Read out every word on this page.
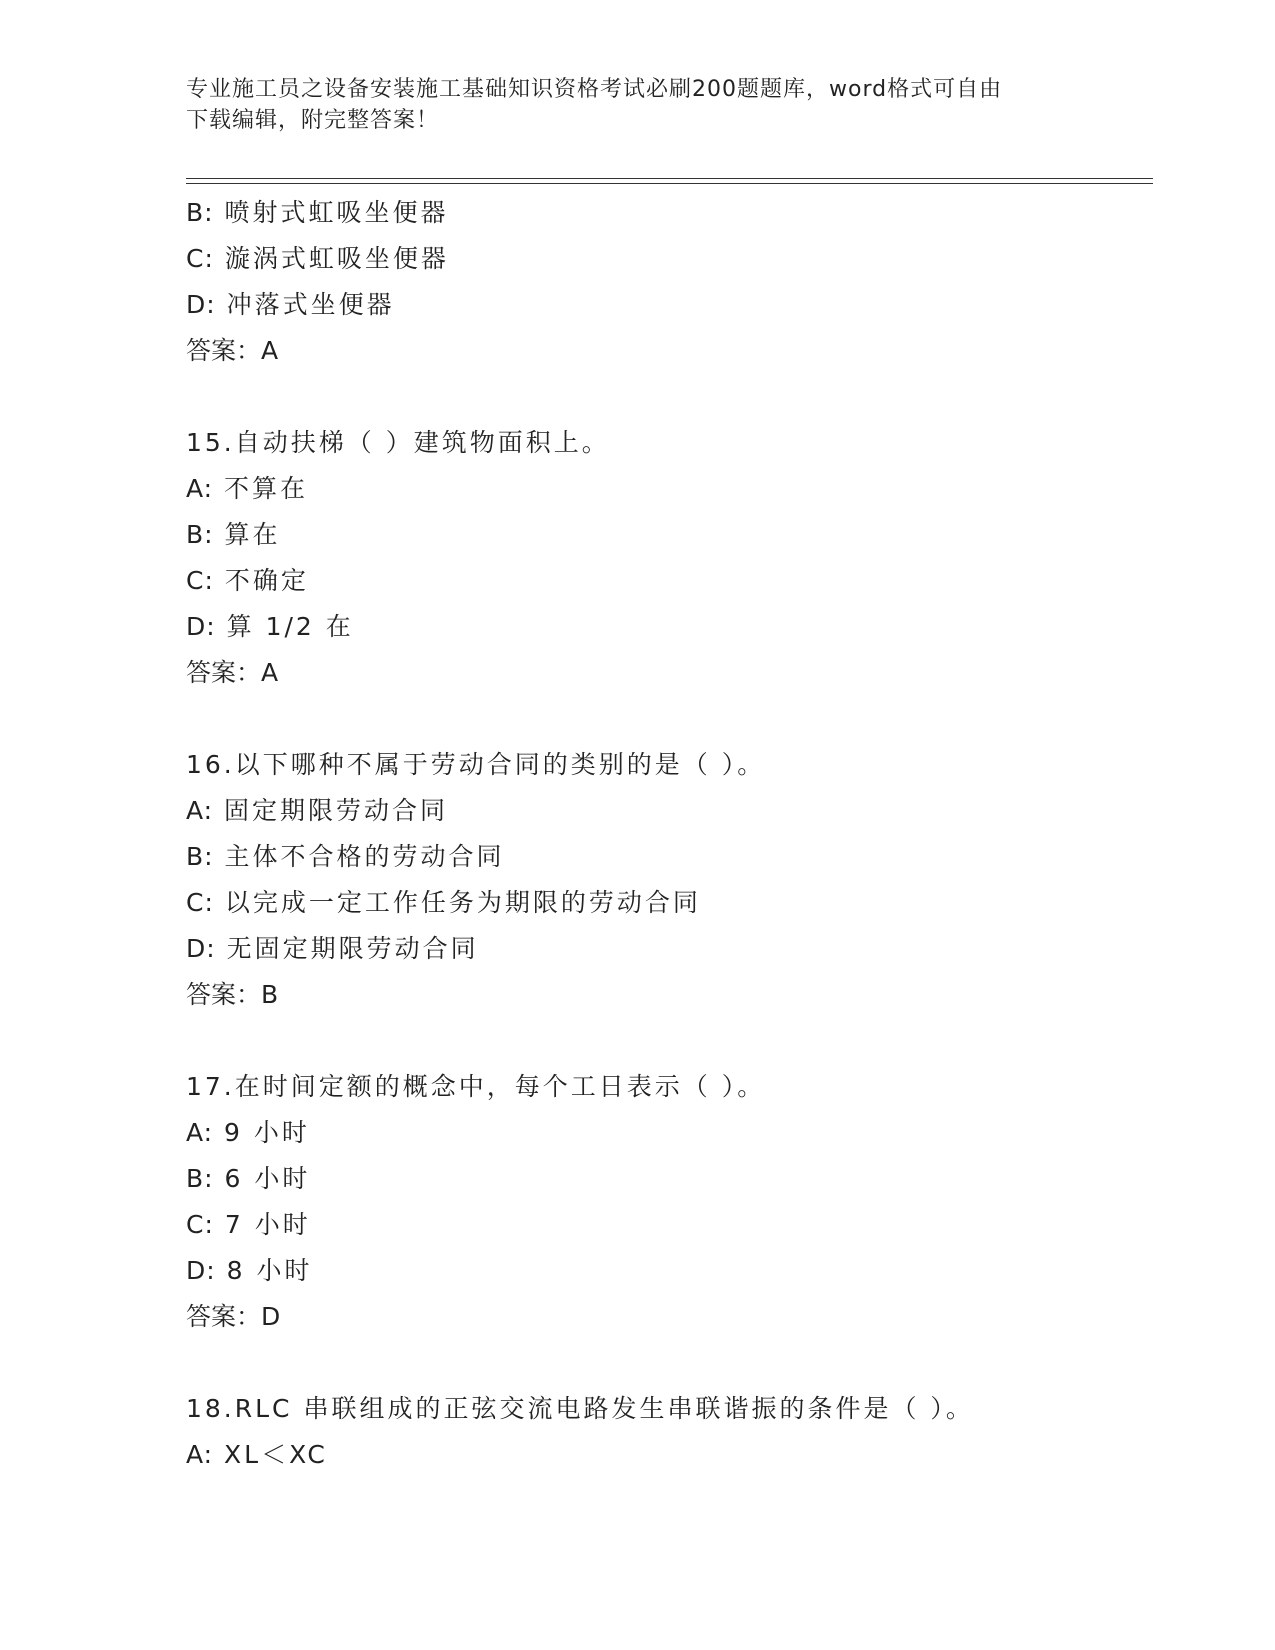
专业施工员之设备安装施工基础知识资格考试必刷200题题库，word格式可自由
下载编辑，附完整答案！
B: 喷射式虹吸坐便器
C: 漩涡式虹吸坐便器
D: 冲落式坐便器
答案：A
15.自动扶梯（ ）建筑物面积上。
A: 不算在
B: 算在
C: 不确定
D: 算 1/2 在
答案：A
16.以下哪种不属于劳动合同的类别的是（ ）。
A: 固定期限劳动合同
B: 主体不合格的劳动合同
C: 以完成一定工作任务为期限的劳动合同
D: 无固定期限劳动合同
答案：B
17.在时间定额的概念中，每个工日表示（ ）。
A: 9 小时
B: 6 小时
C: 7 小时
D: 8 小时
答案：D
18.RLC 串联组成的正弦交流电路发生串联谐振的条件是（ ）。
A: XL＜XC
